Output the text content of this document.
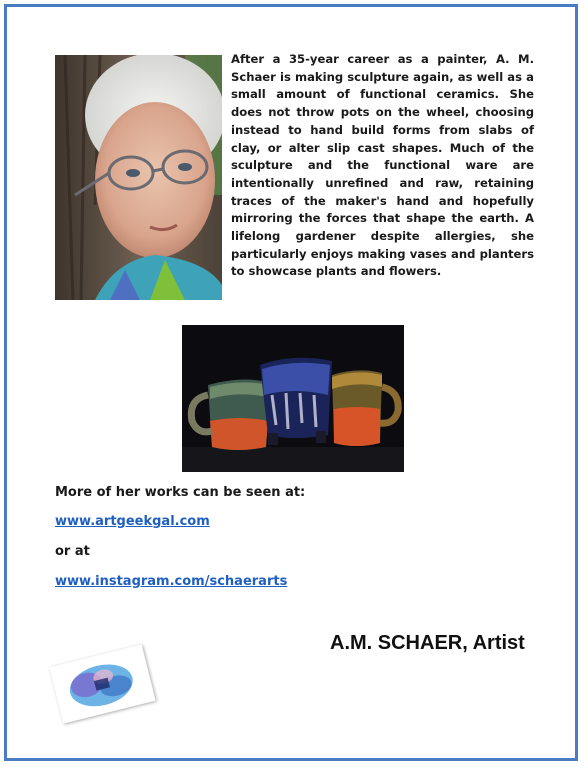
After a 35-year career as a painter, A. M. Schaer is making sculpture again, as well as a small amount of functional ceramics. She does not throw pots on the wheel, choosing instead to hand build forms from slabs of clay, or alter slip cast shapes. Much of the sculpture and the functional ware are intentionally unrefined and raw, retaining traces of the maker's hand and hopefully mirroring the forces that shape the earth. A lifelong gardener despite allergies, she particularly enjoys making vases and planters to showcase plants and flowers.

More of her works can be seen at:

www.artgeekgal.com

or at

www.instagram.com/schaerarts

A.M. SCHAER, Artist
